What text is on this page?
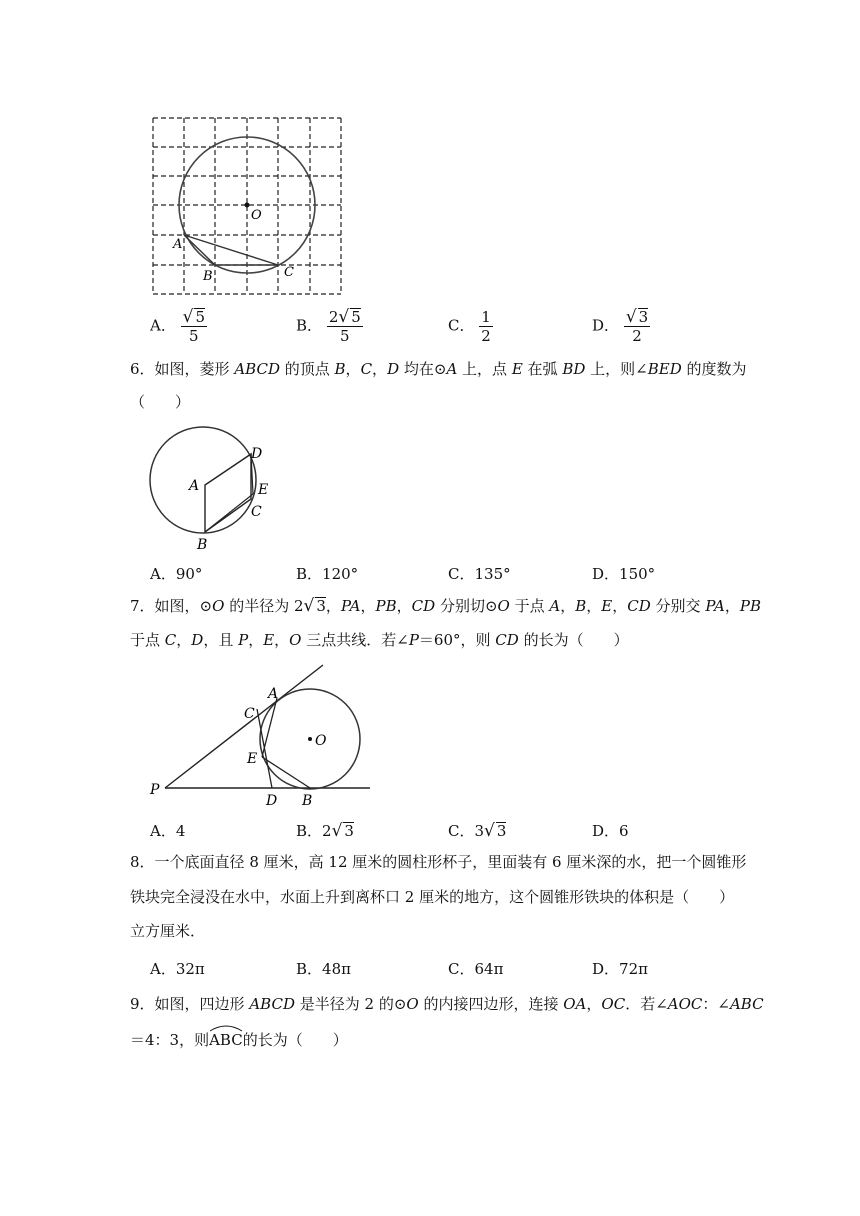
O
A
B	C
A． $\frac{√ 5}{5}$	B． $\frac{2√ 5}{5}$	C． $\frac{1}{2}$	D． $\frac{√ 3}{2}$
6．如图，菱形 ABCD 的顶点 B，C，D 均在⊙A 上，点 E 在弧 BD 上，则∠BED 的度数为
（　　）
A
B
C
D
E
A．90°	B．120°	C．135°	D．150°
7．如图，⊙O 的半径为 2√ 3，PA，PB，CD 分别切⊙O 于点 A，B，E，CD 分别交 PA，PB
于点 C，D，且 P，E，O 三点共线．若∠P＝60°，则 CD 的长为（　　）
P
A
B
C
D
E
O
A．4	B．2√ 3	C．3√ 3	D．6
8．一个底面直径 8 厘米，高 12 厘米的圆柱形杯子，里面装有 6 厘米深的水，把一个圆锥形
铁块完全浸没在水中，水面上升到离杯口 2 厘米的地方，这个圆锥形铁块的体积是（　　）
立方厘米．
A．32π	B．48π	C．64π	D．72π
9．如图，四边形 ABCD 是半径为 2 的⊙O 的内接四边形，连接 OA，OC．若∠AOC：∠ABC
＝4：3，则
ABC的长为（　　）
